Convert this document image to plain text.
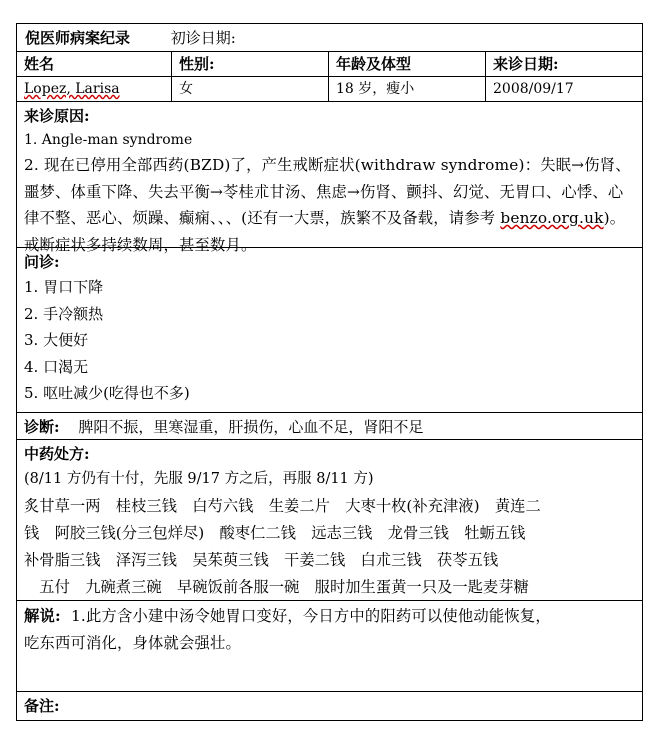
倪医师病案纪录	初诊日期:
姓名	性别:	年龄及体型	来诊日期:
Lopez, Larisa	女	18 岁，瘦小	2008/09/17
来诊原因:
1. Angle-man syndrome
2. 现在已停用全部西药(BZD)了，产生戒断症状(withdraw syndrome)：失眠→伤肾、噩梦、体重下降、失去平衡→苓桂朮甘汤、焦虑→伤肾、颤抖、幻觉、无胃口、心悸、心律不整、恶心、烦躁、癫痫、、、(还有一大票，族繁不及备载，请参考 benzo.org.uk)。戒断症状多持续数周，甚至数月。
问诊:
1. 胃口下降
2. 手冷额热
3. 大便好
4. 口渴无
5. 呕吐减少(吃得也不多)
诊断: 脾阳不振，里寒湿重，肝损伤，心血不足，肾阳不足
中药处方:
(8/11 方仍有十付，先服 9/17 方之后，再服 8/11 方)
炙甘草一两　桂枝三钱　白芍六钱　生姜二片　大枣十枚(补充津液)　黄连二
钱　阿胶三钱(分三包烊尽)　酸枣仁二钱　远志三钱　龙骨三钱　牡蛎五钱
补骨脂三钱　泽泻三钱　吴茱萸三钱　干姜二钱　白朮三钱　茯苓五钱
　五付　九碗煮三碗　早碗饭前各服一碗　服时加生蛋黄一只及一匙麦芽糖
解说: 1.此方含小建中汤令她胃口变好，今日方中的阳药可以使他动能恢复，
吃东西可消化，身体就会强壮。
备注:
